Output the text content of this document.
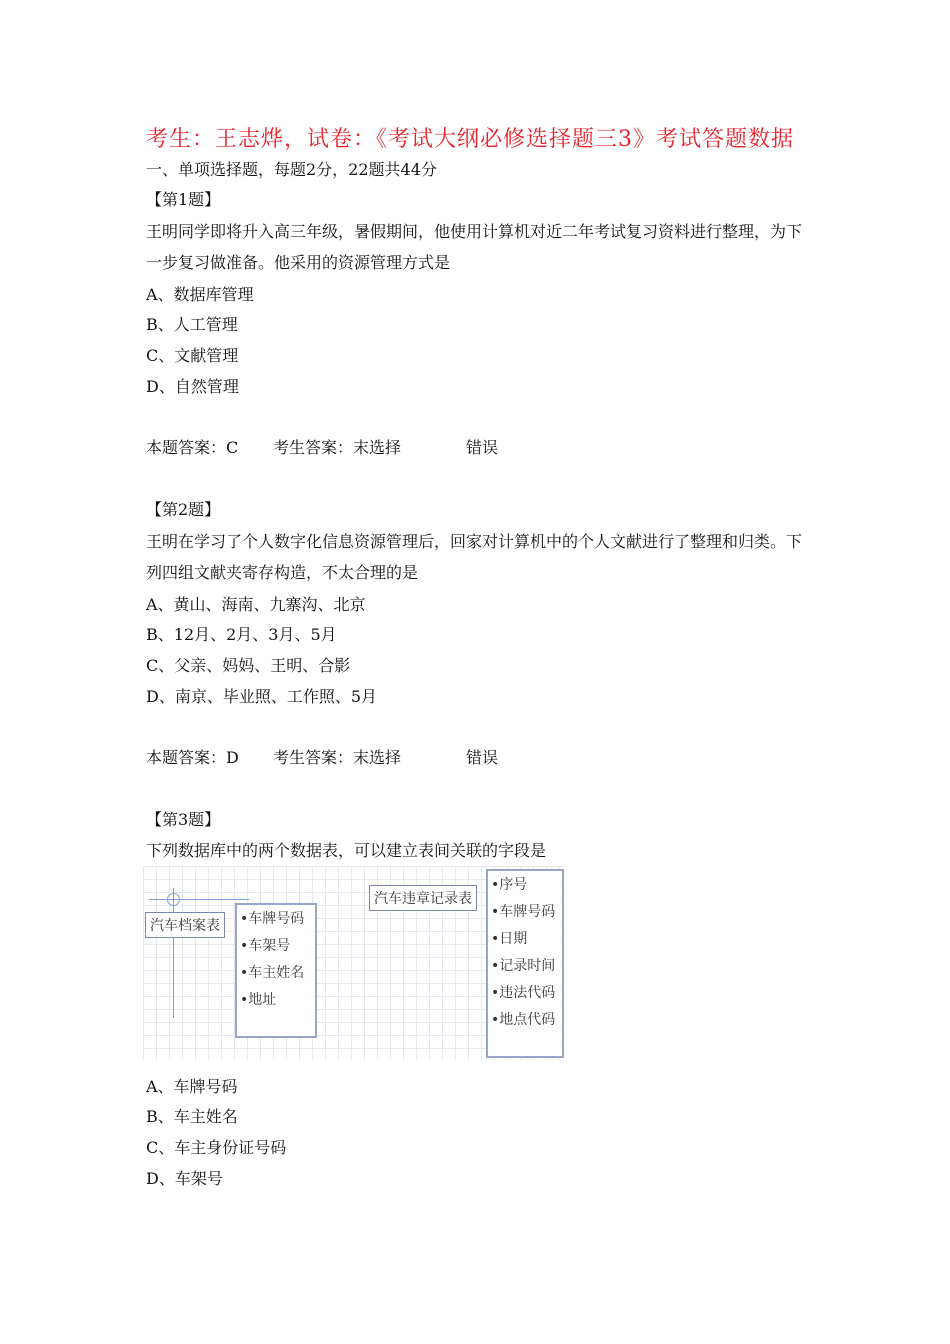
考生：王志烨，试卷：《考试大纲必修选择题三3》考试答题数据
一、单项选择题，每题2分，22题共44分
【第1题】
王明同学即将升入高三年级，暑假期间，他使用计算机对近二年考试复习资料进行整理，为下一步复习做准备。他采用的资源管理方式是
A、数据库管理
B、人工管理
C、文献管理
D、自然管理
本题答案：C 考生答案：末选择	错误
【第2题】
王明在学习了个人数字化信息资源管理后，回家对计算机中的个人文献进行了整理和归类。下列四组文献夹寄存构造，不太合理的是
A、黄山、海南、九寨沟、北京
B、12月、2月、3月、5月
C、父亲、妈妈、王明、合影
D、南京、毕业照、工作照、5月
本题答案：D 考生答案：末选择	错误
【第3题】
下列数据库中的两个数据表，可以建立表间关联的字段是
汽车档案表	•车牌号码
•车架号
•车主姓名
•地址
汽车违章记录表
•序号
•车牌号码
•日期
•记录时间
•违法代码
•地点代码
A、车牌号码
B、车主姓名
C、车主身份证号码
D、车架号
